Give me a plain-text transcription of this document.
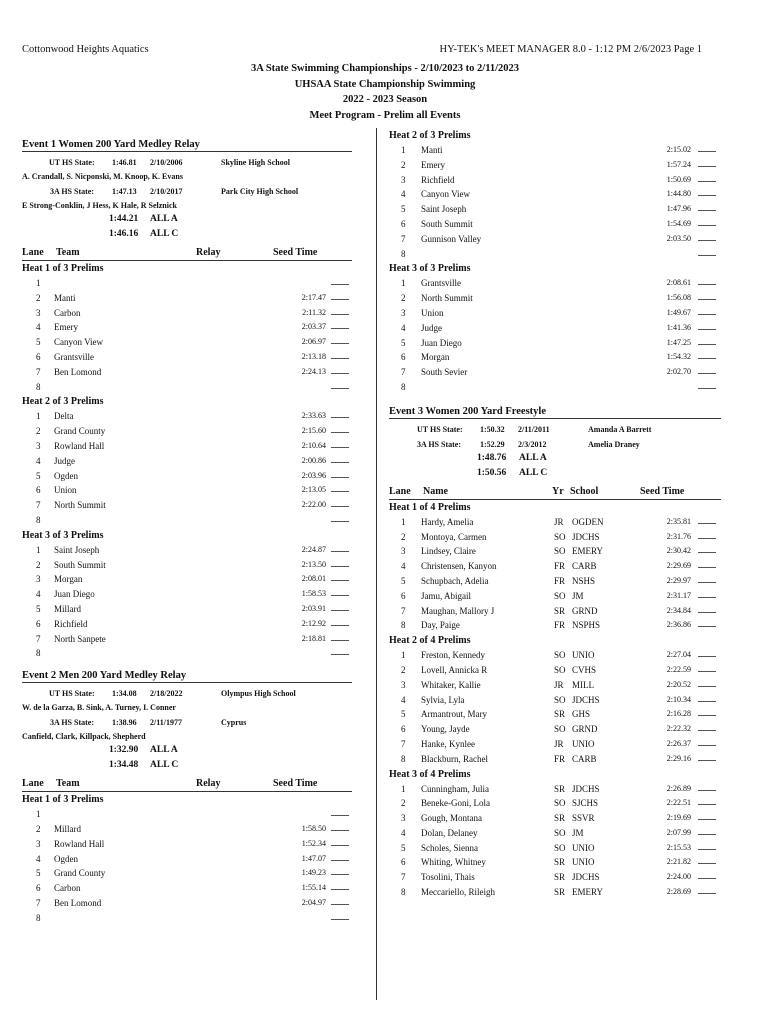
Cottonwood Heights Aquatics	HY-TEK's MEET MANAGER 8.0 - 1:12 PM 2/6/2023 Page 1
3A State Swimming Championships - 2/10/2023 to 2/11/2023
UHSAA State Championship Swimming
2022 - 2023 Season
Meet Program - Prelim all Events
Event 1 Women 200 Yard Medley Relay
UT HS State: 1:46.81 2/10/2006	Skyline High School
A. Crandall, S. Nicponski, M. Knoop, K. Evans
3A HS State: 1:47.13 2/10/2017	Park City High School
E Strong-Conklin, J Hess, K Hale, R Selznick
1:44.21 ALL A
1:46.16 ALL C
Lane Team	Relay	Seed Time
Heat 1 of 3 Prelims
1
2 Manti	2:17.47
3 Carbon	2:11.32
4 Emery	2:03.37
5 Canyon View	2:06.97
6 Grantsville	2:13.18
7 Ben Lomond	2:24.13
8
Heat 2 of 3 Prelims
1 Delta	2:33.63
2 Grand County	2:15.60
3 Rowland Hall	2:10.64
4 Judge	2:00.86
5 Ogden	2:03.96
6 Union	2:13.05
7 North Summit	2:22.00
8
Heat 3 of 3 Prelims
1 Saint Joseph	2:24.87
2 South Summit	2:13.50
3 Morgan	2:08.01
4 Juan Diego	1:58.53
5 Millard	2:03.91
6 Richfield	2:12.92
7 North Sanpete	2:18.81
8
Event 2 Men 200 Yard Medley Relay
UT HS State: 1:34.08 2/18/2022	Olympus High School
W. de la Garza, B. Sink, A. Turney, I. Conner
3A HS State: 1:38.96 2/11/1977	Cyprus
Canfield, Clark, Killpack, Shepherd
1:32.90 ALL A
1:34.48 ALL C
Lane Team	Relay	Seed Time
Heat 1 of 3 Prelims
1
2 Millard	1:58.50
3 Rowland Hall	1:52.34
4 Ogden	1:47.07
5 Grand County	1:49.23
6 Carbon	1:55.14
7 Ben Lomond	2:04.97
8
Heat 2 of 3 Prelims
1 Manti	2:15.02
2 Emery	1:57.24
3 Richfield	1:50.69
4 Canyon View	1:44.80
5 Saint Joseph	1:47.96
6 South Summit	1:54.69
7 Gunnison Valley	2:03.50
8
Heat 3 of 3 Prelims
1 Grantsville	2:08.61
2 North Summit	1:56.08
3 Union	1:49.67
4 Judge	1:41.36
5 Juan Diego	1:47.25
6 Morgan	1:54.32
7 South Sevier	2:02.70
8
Event 3 Women 200 Yard Freestyle
UT HS State: 1:50.32 2/11/2011	Amanda A Barrett
3A HS State: 1:52.29 2/3/2012	Amelia Draney
1:48.76 ALL A
1:50.56 ALL C
Lane Name	Yr School	Seed Time
Heat 1 of 4 Prelims
1 Hardy, Amelia	JR OGDEN	2:35.81
2 Montoya, Carmen	SO JDCHS	2:31.76
3 Lindsey, Claire	SO EMERY	2:30.42
4 Christensen, Kanyon	FR CARB	2:29.69
5 Schupbach, Adelia	FR NSHS	2:29.97
6 Jamu, Abigail	SO JM	2:31.17
7 Maughan, Mallory J	SR GRND	2:34.84
8 Day, Paige	FR NSPHS	2:36.86
Heat 2 of 4 Prelims
1 Freston, Kennedy	SO UNIO	2:27.04
2 Lovell, Annicka R	SO CVHS	2:22.59
3 Whitaker, Kallie	JR MILL	2:20.52
4 Sylvia, Lyla	SO JDCHS	2:10.34
5 Armantrout, Mary	SR GHS	2:16.28
6 Young, Jayde	SO GRND	2:22.32
7 Hanke, Kynlee	JR UNIO	2:26.37
8 Blackburn, Rachel	FR CARB	2:29.16
Heat 3 of 4 Prelims
1 Cunningham, Julia	SR JDCHS	2:26.89
2 Beneke-Goni, Lola	SO SJCHS	2:22.51
3 Gough, Montana	SR SSVR	2:19.69
4 Dolan, Delaney	SO JM	2:07.99
5 Scholes, Sienna	SO UNIO	2:15.53
6 Whiting, Whitney	SR UNIO	2:21.82
7 Tosolini, Thais	SR JDCHS	2:24.00
8 Meccariello, Rileigh	SR EMERY	2:28.69
